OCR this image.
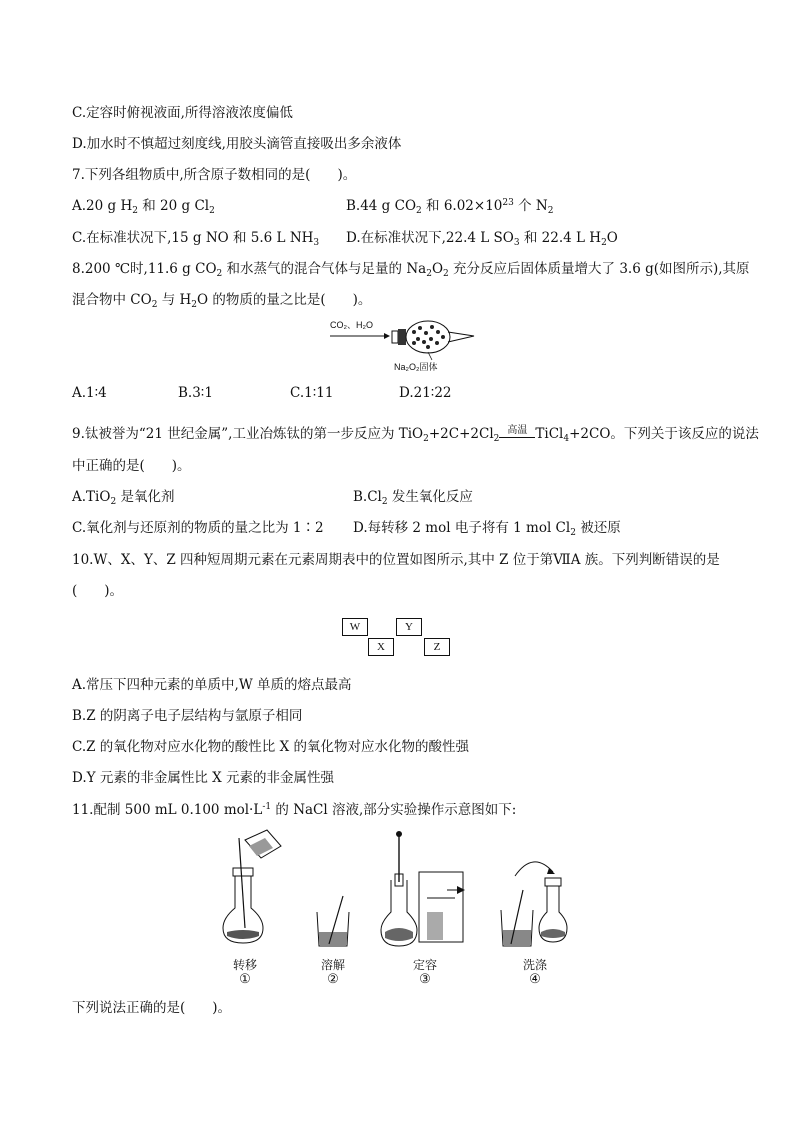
C.定容时俯视液面,所得溶液浓度偏低
D.加水时不慎超过刻度线,用胶头滴管直接吸出多余液体
7.下列各组物质中,所含原子数相同的是(　　)。
A.20 g $H_2$ 和 20 g $Cl_2$	B.44 g $CO_2$ 和 $6.02\times 10^{23}$ 个 $N_2$
C.在标准状况下,15 g NO 和 5.6 L $NH_3$ D.在标准状况下,22.4 L $SO_3$ 和 22.4 L $H_2O$
8.200 ℃时,11.6 g $CO_2$ 和水蒸气的混合气体与足量的 $Na_2O_2$ 充分反应后固体质量增大了 3.6 g(如图所示),其原
混合物中 $CO_2$ 与 $H_2O$ 的物质的量之比是(　　)。
CO₂、H₂O
Na₂O₂固体
A.1∶4	B.3∶1	C.1∶11	D.21∶22
9.钛被誉为“21 世纪金属”,工业冶炼钛的第一步反应为 $TiO_2+2C+2Cl_2$
高温 TiCl$_4$+2CO。下列关于该反应的说法
中正确的是(　　)。
A.TiO$_2$ 是氧化剂	$B.Cl_2$ 发生氧化反应
C.氧化剂与还原剂的物质的量之比为 1∶2 D.每转移 2 mol 电子将有 1 mol $Cl_2$ 被还原
10.W、X、Y、Z 四种短周期元素在元素周期表中的位置如图所示,其中 Z 位于第ⅦA 族。下列判断错误的是
(　　)。
W	Y
X	Z
A.常压下四种元素的单质中,W 单质的熔点最高
B.Z 的阴离子电子层结构与氩原子相同
C.Z 的氧化物对应水化物的酸性比 X 的氧化物对应水化物的酸性强
D.Y 元素的非金属性比 X 元素的非金属性强
11.配制 500 mL 0.100 $mol\cdot L^{-1}$ 的 NaCl 溶液,部分实验操作示意图如下:
转移
①
溶解
②
定容
③
洗涤
④
下列说法正确的是(　　)。
